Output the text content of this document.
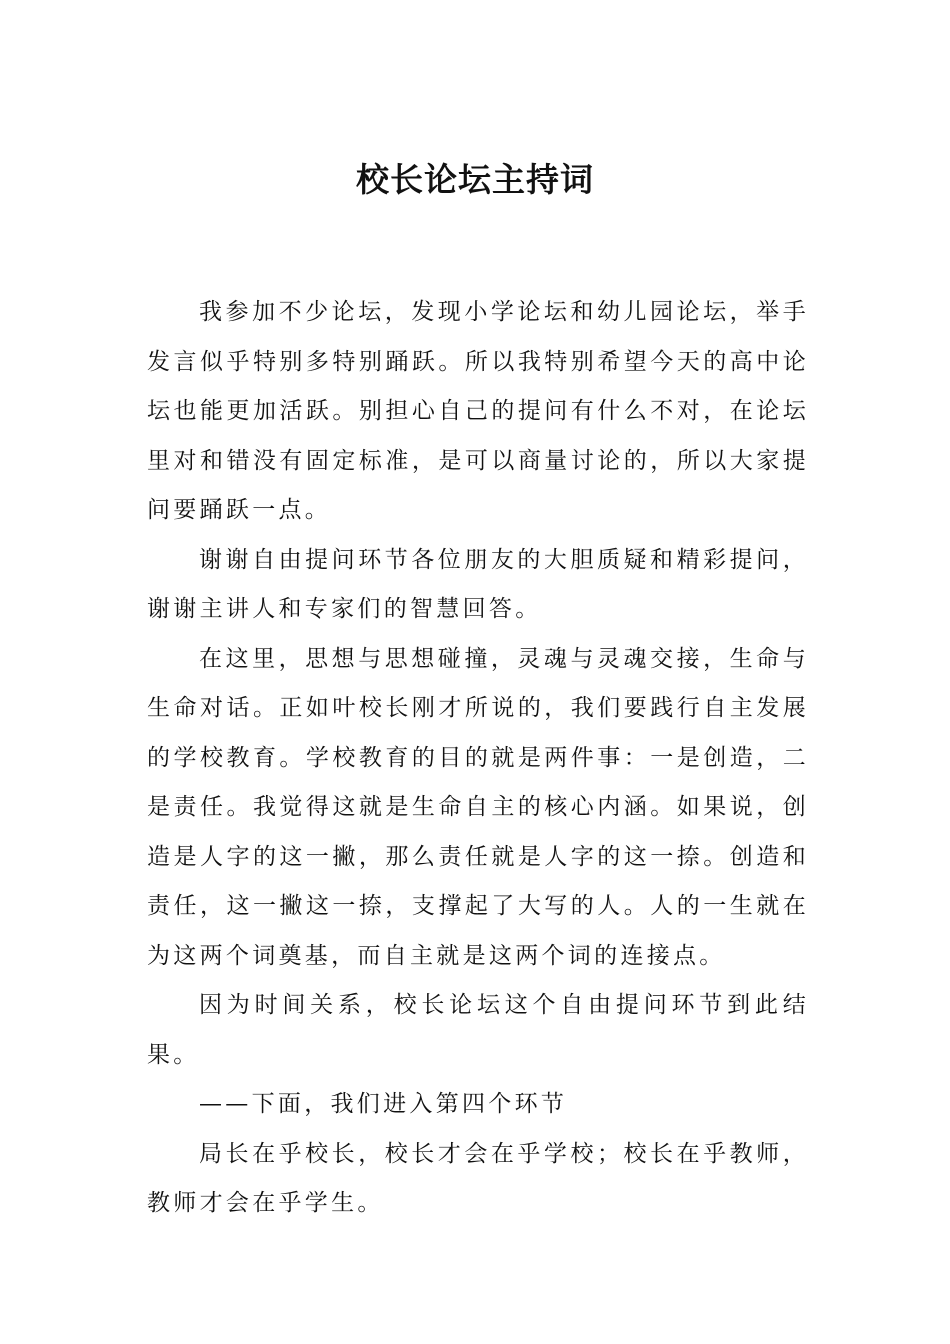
校长论坛主持词

我参加不少论坛，发现小学论坛和幼儿园论坛，举手发言似乎特别多特别踊跃。所以我特别希望今天的高中论坛也能更加活跃。别担心自己的提问有什么不对，在论坛里对和错没有固定标准，是可以商量讨论的，所以大家提问要踊跃一点。

谢谢自由提问环节各位朋友的大胆质疑和精彩提问，谢谢主讲人和专家们的智慧回答。

在这里，思想与思想碰撞，灵魂与灵魂交接，生命与生命对话。正如叶校长刚才所说的，我们要践行自主发展的学校教育。学校教育的目的就是两件事：一是创造，二是责任。我觉得这就是生命自主的核心内涵。如果说，创造是人字的这一撇，那么责任就是人字的这一捺。创造和责任，这一撇这一捺，支撑起了大写的人。人的一生就在为这两个词奠基，而自主就是这两个词的连接点。

因为时间关系，校长论坛这个自由提问环节到此结果。

——下面，我们进入第四个环节

局长在乎校长，校长才会在乎学校；校长在乎教师，教师才会在乎学生。
